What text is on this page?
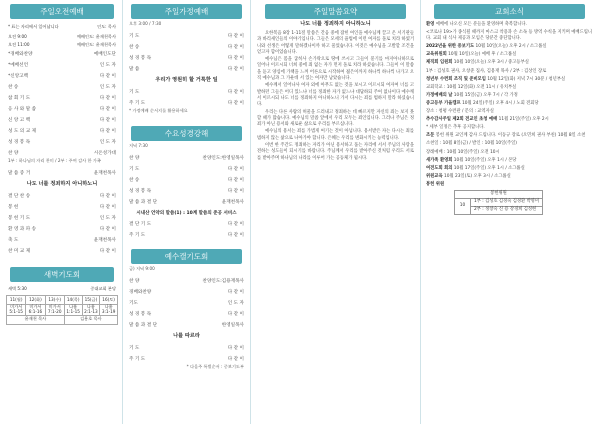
주일오전예배
* 표는 자리에서 일어납니다	인도: 목사
오전 9:00	예배인도: 윤재천목사
오전 11:00	예배인도: 윤재천목사
*경배와찬양	예배인도단
*예배선언	인 도 자
*신앙고백	다 같 이
찬 송	인 도 자
참 회 기 도	다 같 이
응 사 와 말 씀	다 같 이
신 앙 고 백	다 같 이
성 도 의 교 제	다 같 이
성 경 봉 독	인 도 자
찬 양	시온성가대
1부 : 하나님의 자리 찬미 / 2부 : 주여 감사 한 가족
말 씀 증 거	윤재천목사
나도 너를 정죄하지 아니하노니
결 단 찬 송	다 같 이
봉 헌	다 같 이
봉 헌 기 도	인 도 자
환 영 과 파 송	다 같 이
축 도	윤재천목사
찬 미 교 제	다 같 이
새벽기도회
새벽 5:30	중대교회 본당
11(월)	12(화)	13(수)	14(목)	15(금)	16(토)
미가서 5:1-15	미가서 6:1-16	미가서 7:1-20	나훔 1:1-15	나훔 2:1-13	나훔 3:1-19
윤재천 목사			김용호 목사		
주일가정예배
오후 3:00 / 7:30
기 도	다 같 이
찬 송	다 같 이
성 경 봉 독	다 같 이
말 씀	다 같 이
우리가 영원히 할 거룩한 일
기 도	다 같 이
주 기 도	다 같 이
* 가정예배 순서지를 활용하세요
수요성경강해
저녁 7:30
찬 양	찬양인도:한영일목사
기 도	다 같 이
찬 송	다 같 이
성 경 봉 독	다 같 이
말 씀 과 결 단	윤재천목사
시내산 언약의 말씀(1) : 10계 말씀의 준공 서비스
결 단 기 도	다 같 이
주 기 도	다 같 이
예수캘기도회
금) 저녁 9:00
찬 양	찬양인도:김용재목사
경배와찬양	다 같 이
기도	인 도 자
성 경 봉 독	다 같 이
말 씀 과 결 단	한영일목사
나를 따르라
기 도	다 같 이
주 기 도	다 같 이
* 다음주 특별순서 : 중보기도부
주일말씀요약
나도 너를 정죄하지 아니하노니

요한복음 8장 1-11절 말씀은 간음 중에 잡힌 여인을 예수님께 끌고 온 서기관들과 바리새인들의 이야기입니다. 그들은 모세의 율법에 이런 여자를 돌로 치라 하였거니와 선생은 어떻게 말하겠나이까 하고 물었습니다. 이것은 예수님을 고발할 조건을 얻고자 함이었습니다.

예수님은 몸을 굽히사 손가락으로 땅에 쓰시고 그들이 묻기를 마지아니하므로 일어나 이르시되 너희 중에 죄 없는 자가 먼저 돌로 치라 하셨습니다. 그들이 이 말씀을 듣고 양심에 가책을 느껴 어른으로 시작하여 젊은이까지 하나씩 하나씩 나가고 오직 예수님과 그 가운데 서 있는 여자만 남았습니다.

예수께서 일어나사 여자 외에 아무도 없는 것을 보시고 이르시되 여자여 너를 고발하던 그들은 어디 있느냐 너를 정죄한 자가 없느냐 대답하되 주여 없나이다 예수께서 이르시되 나도 너를 정죄하지 아니하노니 가서 다시는 죄를 범하지 말라 하셨습니다.

우리는 다른 사람의 허물을 드러내고 정죄하는 데 빠르지만 자신의 죄는 보지 못할 때가 많습니다. 예수님의 말씀 앞에서 우리 모두는 죄인입니다. 그러나 주님은 정죄가 아닌 용서와 새로운 삶으로 우리를 부르십니다.

예수님의 용서는 죄를 가볍게 여기는 것이 아닙니다. 용서받은 자는 다시는 죄를 범하지 않는 삶으로 나아가야 합니다. 은혜는 우리를 변화시키는 능력입니다.

이번 한 주간도 정죄하는 자리가 아닌 용서하고 품는 자리에 서서 주님의 사랑을 전하는 성도들이 되시기를 바랍니다. 주님께서 우리를 받아주신 것처럼 우리도 서로를 받아주며 하나님의 나라를 이루어 가는 공동체가 됩시다.

교회소식
환영 예배에 나오신 모든 분들을 환영하며 축복합니다.
<코로나 19>가 종식될 때까지 마스크 착용과 손 소독 등 방역 수칙을 지키며 예배드립니다. 교회 내 식사 제공과 모임은 당분간 중단합니다.
2022년을 위한 중보기도 10월 10일(오늘) 오후 2시 / 소그룹실
교육위원회 10월 10일(오늘) 예배 후 / 소그룹실
제직회 임원회 10월 10일(오늘) 오후 3시 / 중고등부실
1부 : 김성호 권사, 오창준 집사, 김용재 목사 / 2부 : 김상인 장로
청년부 수련회 조직 및 준비모임 10월 12일(화) 저녁 7시 30분 / 청년부실
교회학교 : 10월 12일(화) 오전 11시 / 유치부실
가정예배의 날 10월 15일(금) 오후 7시 / 각 가정
중고등부 가을캠프 10월 24일(주일) 오후 4시 / 노회 전회당
장소 : 청평 수련관 / 문의 : 교역자실
추수감사주일 제2회 전교인 초청 예배 11월 21일(주일) 오후 2시
* 세부 일정은 추후 공지합니다.
조문 봉헌 위원 교인께 감사 드립니다. 이동규 장로 (오민희 권사 부친) 10월 8일 소천
소천일 : 10월 8일(금) / 발인 : 10월 10일(주일)
장례예배 : 10월 10일(주일) 오전 10시
새가족 환영회 10월 10일(주일) 오후 1시 / 본당
여전도회 회의 10월 17일(주일) 오후 1시 / 소그룹실
위원교육 10월 23일(토) 오후 3시 / 소그룹실
봉헌 위원
봉헌위원
10	1부 : 김성호 김경숙 김경환 박영미
2부 : 정창숙 신 용 강경희 김성현
